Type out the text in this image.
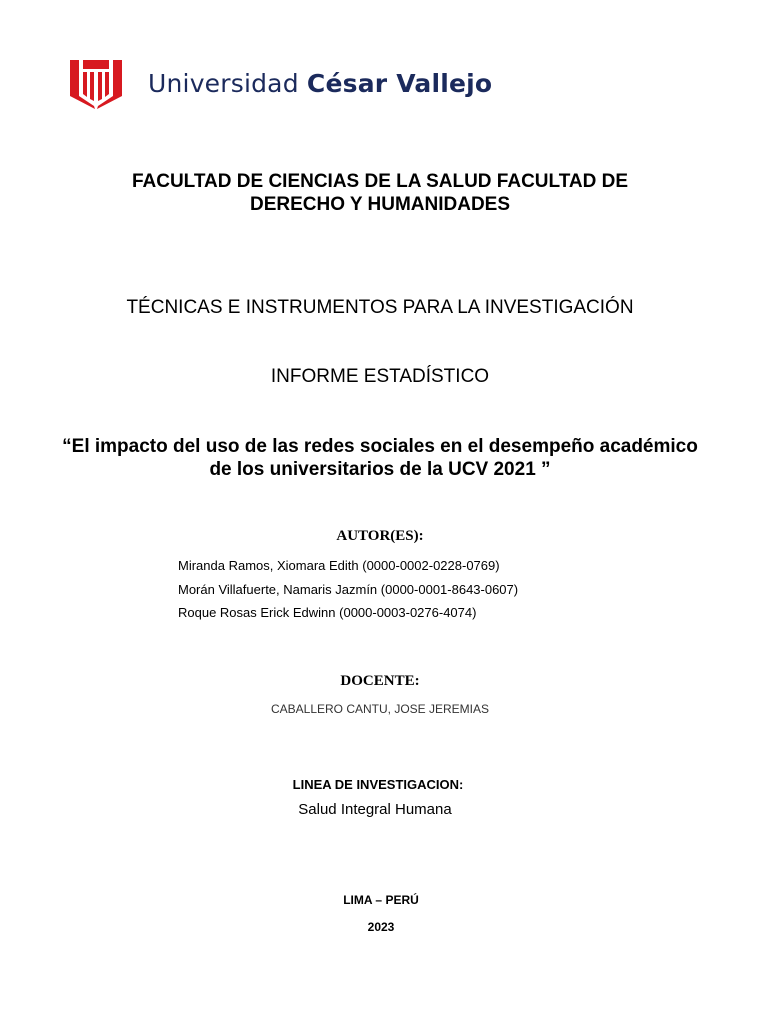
Universidad César Vallejo

FACULTAD DE CIENCIAS DE LA SALUD FACULTAD DE DERECHO Y HUMANIDADES

TÉCNICAS E INSTRUMENTOS PARA LA INVESTIGACIÓN

INFORME ESTADÍSTICO

“El impacto del uso de las redes sociales en el desempeño académico de los universitarios de la UCV 2021 ”

AUTOR(ES):

Miranda Ramos, Xiomara Edith (0000-0002-0228-0769)
Morán Villafuerte, Namaris Jazmín (0000-0001-8643-0607)
Roque Rosas Erick Edwinn (0000-0003-0276-4074)

DOCENTE:

CABALLERO CANTU, JOSE JEREMIAS

LINEA DE INVESTIGACION:

Salud Integral Humana

LIMA – PERÚ

2023
